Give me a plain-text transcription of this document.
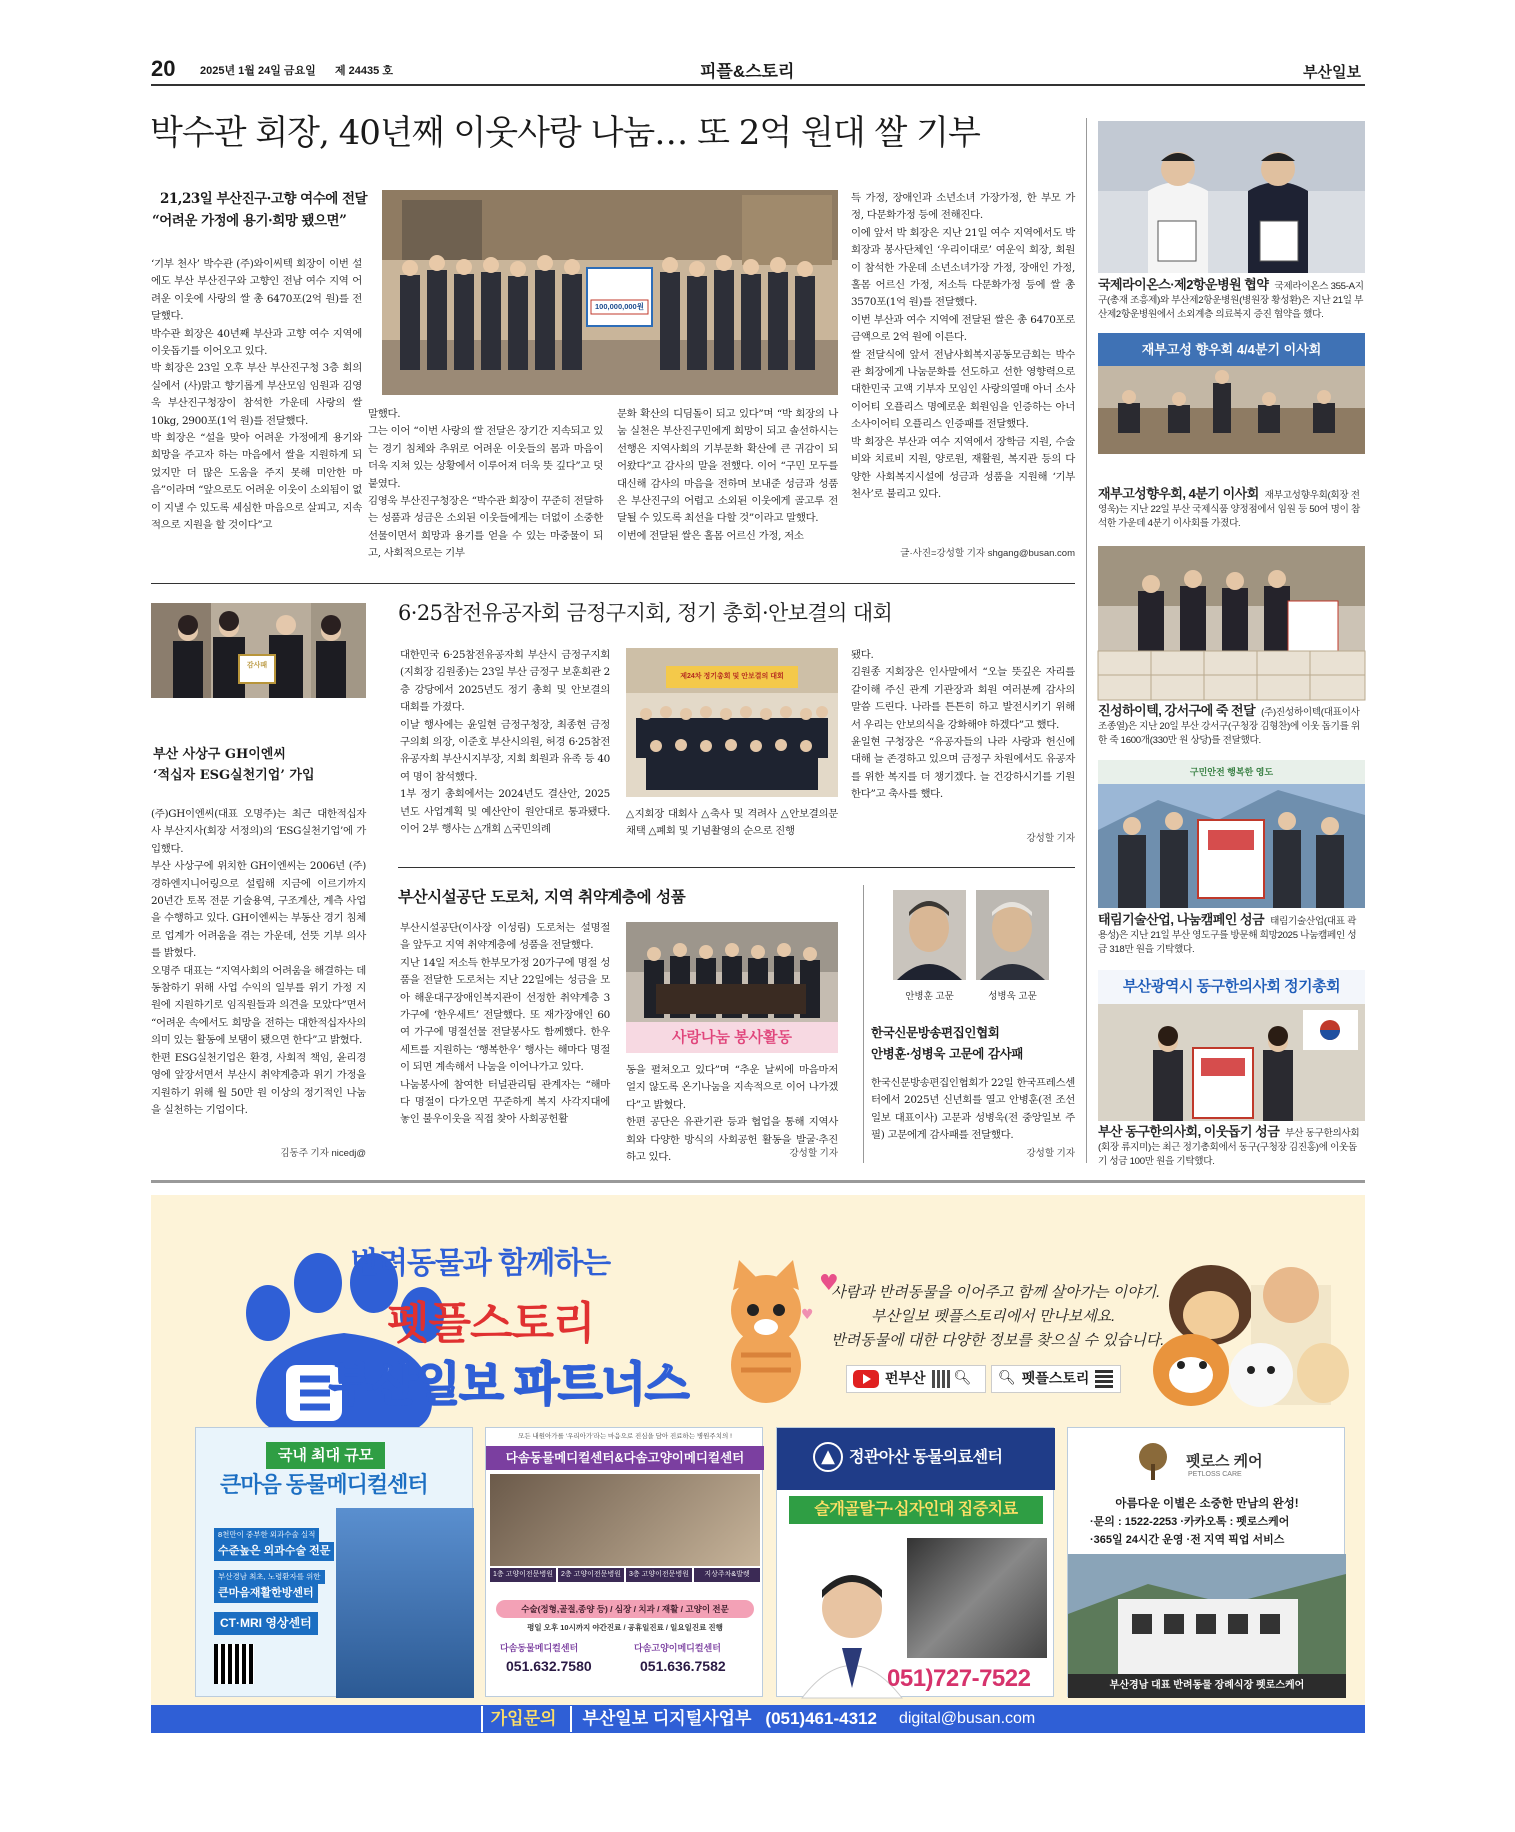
20 2025년 1월 24일 금요일 제 24435 호	피플&스토리	부산일보
박수관 회장, 40년째 이웃사랑 나눔… 또 2억 원대 쌀 기부
21,23일 부산진구·고향 여수에 전달
“어려운 가정에 용기·희망 됐으면”
100,000,000원
‘기부 천사’ 박수관 (주)와이씨텍 회장이 이번 설에도 부산 부산진구와 고향인 전남 여수 지역 어려운 이웃에 사랑의 쌀 총 6470포(2억 원)를 전달했다.
박수관 회장은 40년째 부산과 고향 여수 지역에 이웃돕기를 이어오고 있다.
박 회장은 23일 오후 부산 부산진구청 3층 회의실에서 (사)맑고 향기롭게 부산모임 임원과 김영욱 부산진구청장이 참석한 가운데 사랑의 쌀 10kg, 2900포(1억 원)를 전달했다.
박 회장은 “설을 맞아 어려운 가정에게 용기와 희망을 주고자 하는 마음에서 쌀을 지원하게 되었지만 더 많은 도움을 주지 못해 미안한 마음”이라며 “앞으로도 어려운 이웃이 소외됨이 없이 지낼 수 있도록 세심한 마음으로 살피고, 지속적으로 지원을 할 것이다”고
말했다.
그는 이어 “이번 사랑의 쌀 전달은 장기간 지속되고 있는 경기 침체와 추위로 어려운 이웃들의 몸과 마음이 더욱 지쳐 있는 상황에서 이루어져 더욱 뜻 깊다”고 덧붙였다.
김영욱 부산진구청장은 “박수관 회장이 꾸준히 전달하는 성품과 성금은 소외된 이웃들에게는 더없이 소중한 선물이면서 희망과 용기를 얻을 수 있는 마중물이 되고, 사회적으로는 기부
문화 확산의 디딤돌이 되고 있다”며 “박 회장의 나눔 실천은 부산진구민에게 희망이 되고 솔선하시는 선행은 지역사회의 기부문화 확산에 큰 귀감이 되어왔다”고 감사의 말을 전했다. 이어 “구민 모두를 대신해 감사의 마음을 전하며 보내준 성금과 성품은 부산진구의 어렵고 소외된 이웃에게 골고루 전달될 수 있도록 최선을 다할 것”이라고 말했다.
이번에 전달된 쌀은 홀몸 어르신 가정, 저소
득 가정, 장애인과 소년소녀 가장가정, 한 부모 가정, 다문화가정 등에 전해진다.
이에 앞서 박 회장은 지난 21일 여수 지역에서도 박 회장과 봉사단체인 ‘우리이대로’ 여운익 회장, 회원이 참석한 가운데 소년소녀가장 가정, 장애인 가정, 홀몸 어르신 가정, 저소득 다문화가정 등에 쌀 총 3570포(1억 원)를 전달했다.
이번 부산과 여수 지역에 전달된 쌀은 총 6470포로 금액으로 2억 원에 이른다.
쌀 전달식에 앞서 전남사회복지공동모금회는 박수관 회장에게 나눔문화를 선도하고 선한 영향력으로 대한민국 고액 기부자 모임인 사랑의열매 아너 소사이어티 오플리스 명예로운 회원임을 인증하는 아너 소사이어티 오플리스 인증패를 전달했다.
박 회장은 부산과 여수 지역에서 장학금 지원, 수술비와 치료비 지원, 양로원, 재활원, 복지관 등의 다양한 사회복지시설에 성금과 성품을 지원해 ‘기부 천사’로 불리고 있다.
글·사진=강성할 기자 shgang@busan.com
감사패
부산 사상구 GH이엔씨
‘적십자 ESG실천기업’ 가입
(주)GH이엔씨(대표 오명주)는 최근 대한적십자사 부산지사(회장 서정의)의 ‘ESG실천기업’에 가입했다.
부산 사상구에 위치한 GH이엔씨는 2006년 (주)경하엔지니어링으로 설립해 지금에 이르기까지 20년간 토목 전문 기술용역, 구조계산, 계측 사업을 수행하고 있다. GH이엔씨는 부동산 경기 침체로 업계가 어려움을 겪는 가운데, 선뜻 기부 의사를 밝혔다.
오명주 대표는 “지역사회의 어려움을 해결하는 데 동참하기 위해 사업 수익의 일부를 위기 가정 지원에 지원하기로 임직원들과 의견을 모았다”면서 “어려운 속에서도 희망을 전하는 대한적십자사의 의미 있는 활동에 보탬이 됐으면 한다”고 밝혔다.
한편 ESG실천기업은 환경, 사회적 책임, 윤리경영에 앞장서면서 부산시 취약계층과 위기 가정을 지원하기 위해 월 50만 원 이상의 정기적인 나눔을 실천하는 기업이다.
김동주 기자 nicedj@
6·25참전유공자회 금정구지회, 정기 총회·안보결의 대회
대한민국 6·25참전유공자회 부산시 금정구지회(지회장 김원종)는 23일 부산 금정구 보훈회관 2층 강당에서 2025년도 정기 총회 및 안보결의 대회를 가졌다.
이날 행사에는 윤일현 금정구청장, 최종현 금정구의회 의장, 이준호 부산시의원, 허경 6·25참전유공자회 부산시지부장, 지회 회원과 유족 등 40여 명이 참석했다.
1부 정기 총회에서는 2024년도 결산안, 2025년도 사업계획 및 예산안이 원안대로 통과됐다. 이어 2부 행사는 △개회 △국민의례
제24차 정기총회 및 안보결의 대회
△지회장 대회사 △축사 및 격려사 △안보결의문 채택 △폐회 및 기념촬영의 순으로 진행
됐다.
김원종 지회장은 인사말에서 “오늘 뜻깊은 자리를 갈이해 주신 관계 기관장과 회원 여러분께 감사의 말씀 드린다. 나라를 튼튼히 하고 발전시키기 위해서 우리는 안보의식을 강화해야 하겠다”고 했다.
윤일현 구청장은 “유공자들의 나라 사랑과 헌신에 대해 늘 존경하고 있으며 금정구 차원에서도 유공자를 위한 복지를 더 챙기겠다. 늘 건강하시기를 기원한다”고 축사를 했다.
강성할 기자
부산시설공단 도로처, 지역 취약계층에 성품
부산시설공단(이사장 이성림) 도로처는 설명절을 앞두고 지역 취약계층에 성품을 전달했다.
지난 14일 저소득 한부모가정 20가구에 명절 성품을 전달한 도로처는 지난 22일에는 성금을 모아 해운대구장애인복지관이 선정한 취약계층 3가구에 ‘한우세트’ 전달했다. 또 재가장애인 60여 가구에 명절선물 전달봉사도 함께했다. 한우세트를 지원하는 ‘행복한우’ 행사는 해마다 명절이 되면 계속해서 나눔을 이어나가고 있다.
나눔봉사에 참여한 터널관리팀 관계자는 “해마다 명절이 다가오면 꾸준하게 복지 사각지대에 놓인 불우이웃을 직접 찾아 사회공헌활
사랑나눔 봉사활동
동을 펼쳐오고 있다”며 “추운 날씨에 마음마저 얼지 않도록 온기나눔을 지속적으로 이어 나가겠다”고 밝혔다.
한편 공단은 유관기관 등과 협업을 통해 지역사회와 다양한 방식의 사회공헌 활동을 발굴·추진하고 있다.	강성할 기자
안병훈 고문	성병욱 고문
한국신문방송편집인협회
안병훈·성병욱 고문에 감사패
한국신문방송편집인협회가 22일 한국프레스센터에서 2025년 신년회를 열고 안병훈(전 조선일보 대표이사) 고문과 성병욱(전 중앙일보 주필) 고문에게 감사패를 전달했다.
강성할 기자
국제라이온스·제2항운병원 협약 국제라이온스 355-A지구(총재 조흥제)와 부산제2항운병원(병원장 황성환)은 지난 21일 부산제2항운병원에서 소외계층 의료복지 증진 협약을 했다.
재부고성 향우회 4/4분기 이사회
재부고성향우회, 4분기 이사회 재부고성향우회(회장 전영욱)는 지난 22일 부산 국제식품 양정점에서 임원 등 50여 명이 참석한 가운데 4분기 이사회를 가졌다.
진성하이텍, 강서구에 죽 전달 (주)진성하이텍(대표이사 조종열)은 지난 20일 부산 강서구(구청장 김형찬)에 이웃 돕기를 위한 죽 1600개(330만 원 상당)를 전달했다.
구민안전 행복한 영도
태림기술산업, 나눔캠페인 성금 태림기술산업(대표 곽용성)은 지난 21일 부산 영도구를 방문해 희망2025 나눔캠페인 성금 318만 원을 기탁했다.
부산광역시 동구한의사회 정기총회
부산 동구한의사회, 이웃돕기 성금 부산 동구한의사회(회장 류지미)는 최근 정기총회에서 동구(구청장 김진홍)에 이웃돕기 성금 100만 원을 기탁했다.
반려동물과 함께하는
펫플스토리
부산일보 파트너스
♥
♥
사람과 반려동물을 이어주고 함께 살아가는 이야기.
부산일보 펫플스토리에서 만나보세요.
반려동물에 대한 다양한 정보를 찾으실 수 있습니다.
펀부산 🔍︎ 🔍︎ 펫플스토리
국내 최대 규모
큰마음 동물메디컬센터
8천만이 중부한 외과수술 실적
수준높은 외과수술 전문
부산경남 최초, 노령환자를 위한
큰마음재활한방센터
CT·MRI 영상센터
모든 내원아가를 ‘우리아가’라는 마음으로 진심을 담아 진료하는 병원주치의 !
다솜동물메디컬센터&다솜고양이메디컬센터
1층 고양이전문병원	2층 고양이전문병원	3층 고양이전문병원	지상주차&발렛
수술(정형,골절,종양 등) / 심장 / 치과 / 재활 / 고양이 전문
평일 오후 10시까지 야간진료 / 공휴일진료 / 일요일진료 진행
다솜동물메디컬센터
051.632.7580
다솜고양이메디컬센터
051.636.7582
▲ 정관아산 동물의료센터
슬개골탈구·십자인대 집중치료
051)727-7522
펫로스 케어
PETLOSS CARE
아름다운 이별은 소중한 만남의 완성!
·문의 : 1522-2253 ·카카오톡 : 펫로스케어
·365일 24시간 운영 ·전 지역 픽업 서비스
부산경남 대표 반려동물 장례식장 펫로스케어
가입문의	부산일보 디지털사업부 (051)461-4312 digital@busan.com
